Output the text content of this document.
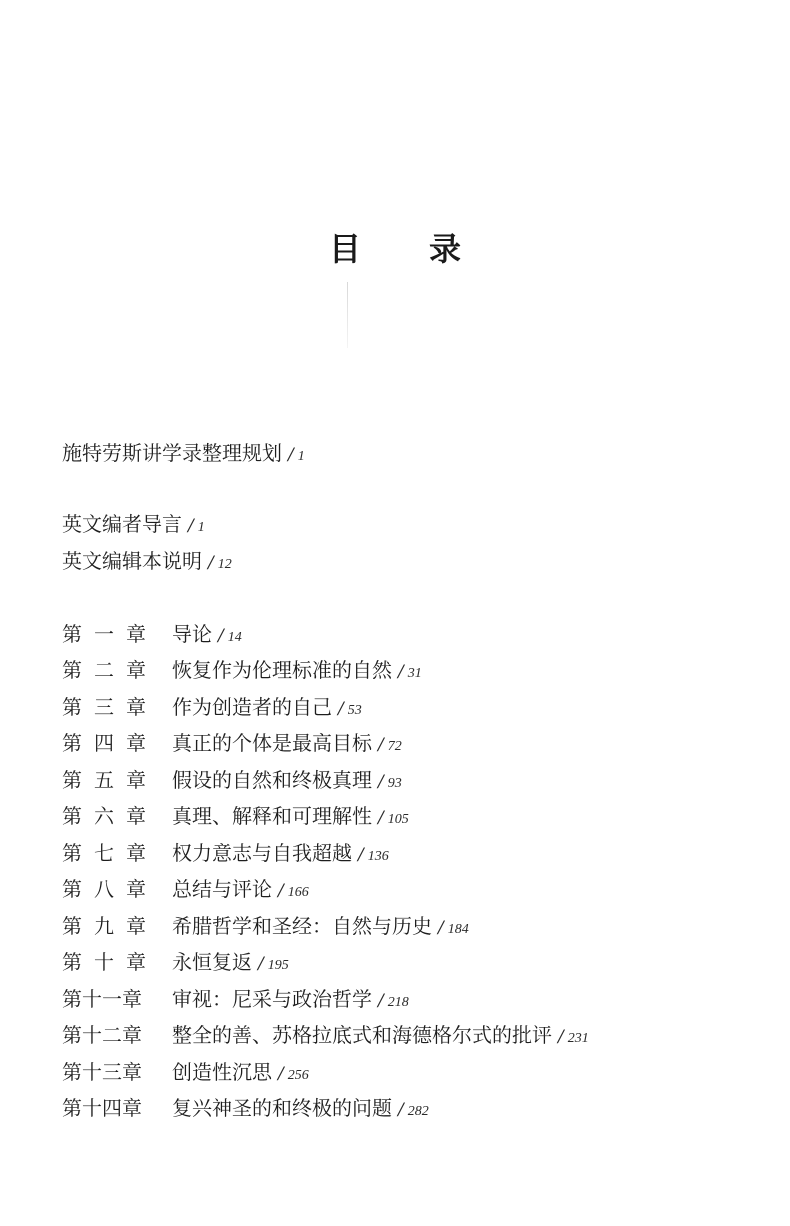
目 录
施特劳斯讲学录整理规划 / 1
英文编者导言 / 1
英文编辑本说明 / 12
第一章 导论 / 14
第二章 恢复作为伦理标准的自然 / 31
第三章 作为创造者的自己 / 53
第四章 真正的个体是最高目标 / 72
第五章 假设的自然和终极真理 / 93
第六章 真理、解释和可理解性 / 105
第七章 权力意志与自我超越 / 136
第八章 总结与评论 / 166
第九章 希腊哲学和圣经：自然与历史 / 184
第十章 永恒复返 / 195
第十一章 审视：尼采与政治哲学 / 218
第十二章 整全的善、苏格拉底式和海德格尔式的批评 / 231
第十三章 创造性沉思 / 256
第十四章 复兴神圣的和终极的问题 / 282
